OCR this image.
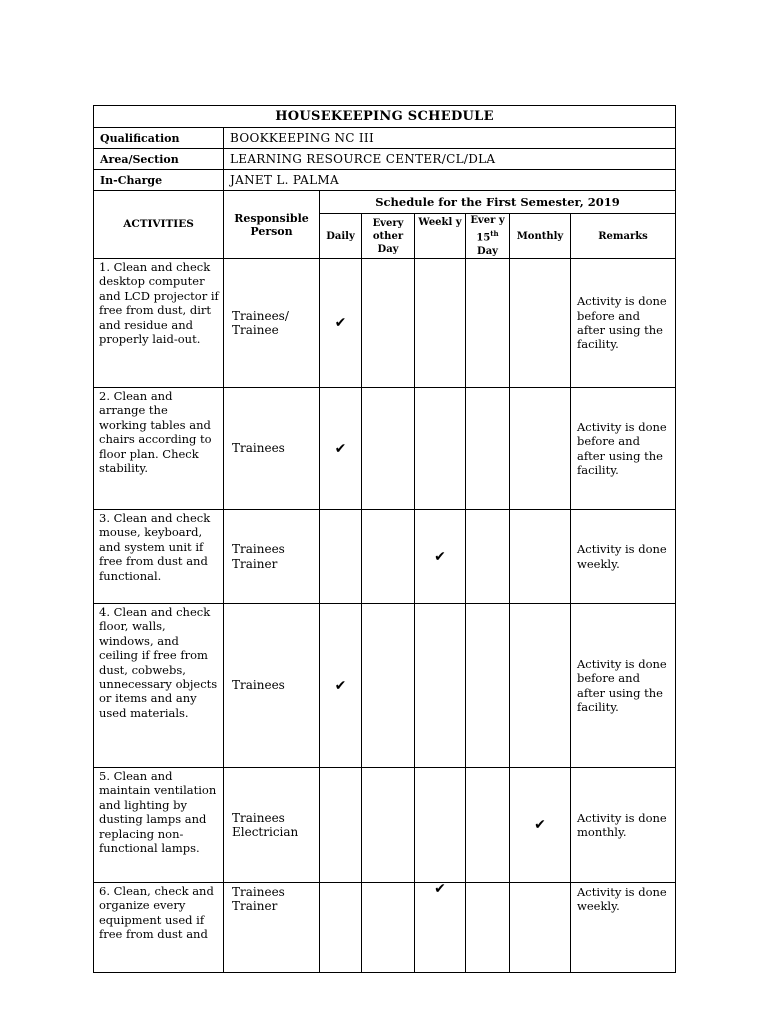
HOUSEKEEPING SCHEDULE							
Qualification	BOOKKEEPING NC III						
Area/Section	LEARNING RESOURCE CENTER/CL/DLA						
In-Charge	JANET L. PALMA						
ACTIVITIES	Responsible Person	Schedule for the First Semester, 2019					
		Daily	Every other Day	Weekl y	Ever y 15th
Day	Monthly	Remarks
1. Clean and check desktop computer and LCD projector if free from dust, dirt and residue and properly laid-out.	Trainees/ Trainee	✔					Activity is done before and after using the facility.
2. Clean and arrange the working tables and chairs according to floor plan. Check stability.	Trainees	✔					Activity is done before and after using the facility.
3. Clean and check mouse, keyboard, and system unit if free from dust and functional.	Trainees Trainer			✔			Activity is done weekly.
4. Clean and check floor, walls, windows, and ceiling if free from dust, cobwebs, unnecessary objects or items and any used materials.	Trainees	✔					Activity is done before and after using the facility.
5. Clean and maintain ventilation and lighting by dusting lamps and replacing non-functional lamps.	Trainees Electrician					✔	Activity is done monthly.
6. Clean, check and organize every equipment used if free from dust and	Trainees Trainer			✔			Activity is done weekly.
